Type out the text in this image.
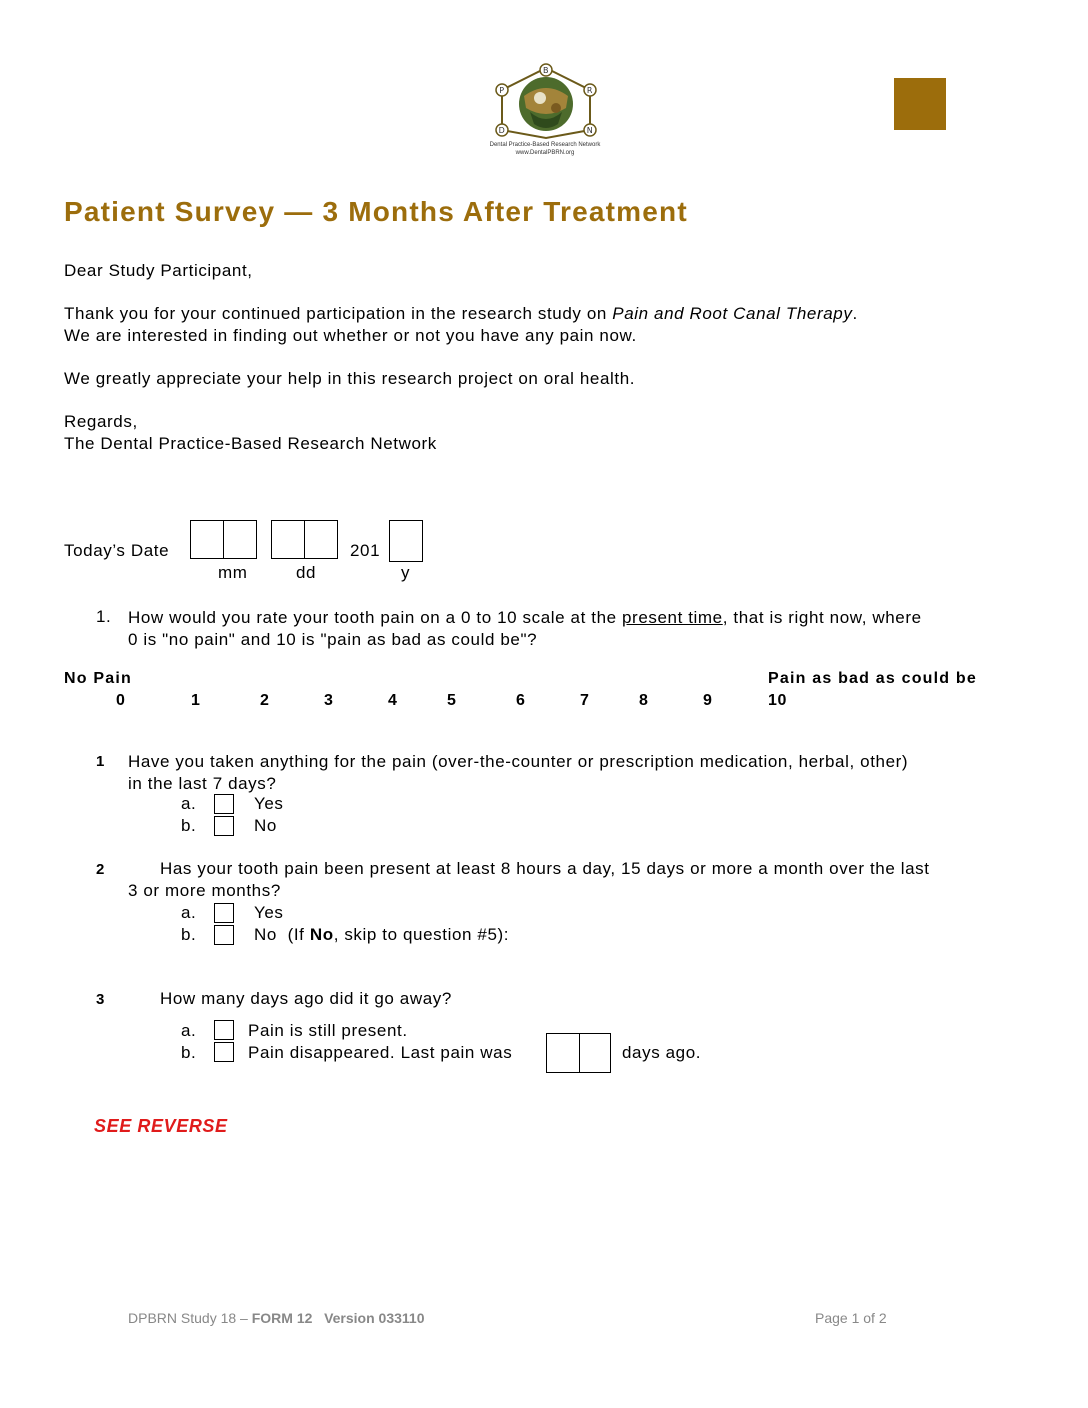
B
R
N
D
P
Dental Practice-Based Research Network
www.DentalPBRN.org
Patient Survey — 3 Months After Treatment
Dear Study Participant,
Thank you for your continued participation in the research study on Pain and Root Canal Therapy.
We are interested in finding out whether or not you have any pain now.
We greatly appreciate your help in this research project on oral health.
Regards,
The Dental Practice-Based Research Network
Today’s Date	201
mm	dd	y
1. How would you rate your tooth pain on a 0 to 10 scale at the present time, that is right now, where
0 is "no pain" and 10 is "pain as bad as could be"?
No Pain	Pain as bad as could be
0	1	2	3	4	5	6	7	8	9	10
1 Have you taken anything for the pain (over-the-counter or prescription medication, herbal, other)
in the last 7 days?
a.	Yes
b.	No
2	Has your tooth pain been present at least 8 hours a day, 15 days or more a month over the last
3 or more months?
a.	Yes
b.	No  (If No, skip to question #5):
3	How many days ago did it go away?
a.	Pain is still present.
b.	Pain disappeared. Last pain was	days ago.
SEE REVERSE
DPBRN Study 18 – FORM 12   Version 033110	Page 1 of 2
